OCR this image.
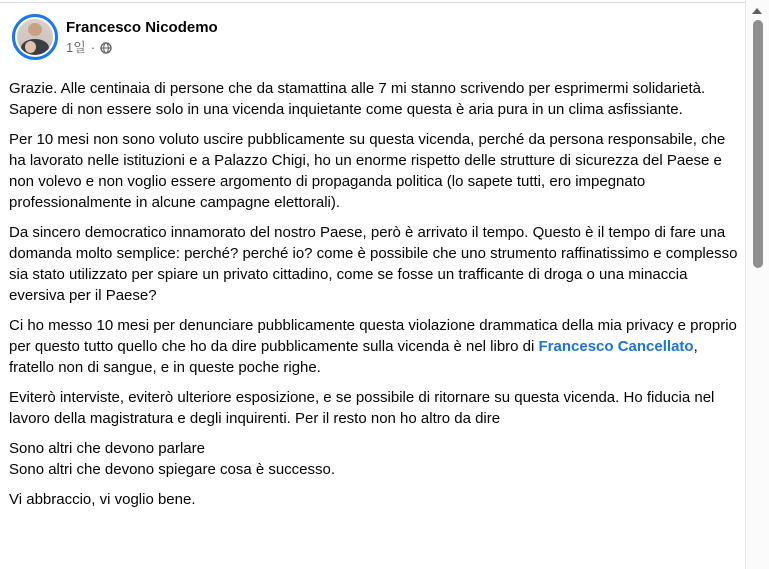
Francesco Nicodemo
1일 ·

Grazie. Alle centinaia di persone che da stamattina alle 7 mi stanno scrivendo per esprimermi solidarietà.
Sapere di non essere solo in una vicenda inquietante come questa è aria pura in un clima asfissiante.

Per 10 mesi non sono voluto uscire pubblicamente su questa vicenda, perché da persona responsabile, che ha lavorato nelle istituzioni e a Palazzo Chigi, ho un enorme rispetto delle strutture di sicurezza del Paese e non volevo e non voglio essere argomento di propaganda politica (lo sapete tutti, ero impegnato professionalmente in alcune campagne elettorali).

Da sincero democratico innamorato del nostro Paese, però è arrivato il tempo. Questo è il tempo di fare una domanda molto semplice: perché? perché io? come è possibile che uno strumento raffinatissimo e complesso sia stato utilizzato per spiare un privato cittadino, come se fosse un trafficante di droga o una minaccia eversiva per il Paese?

Ci ho messo 10 mesi per denunciare pubblicamente questa violazione drammatica della mia privacy e proprio per questo tutto quello che ho da dire pubblicamente sulla vicenda è nel libro di Francesco Cancellato, fratello non di sangue, e in queste poche righe.

Eviterò interviste, eviterò ulteriore esposizione, e se possibile di ritornare su questa vicenda. Ho fiducia nel lavoro della magistratura e degli inquirenti. Per il resto non ho altro da dire

Sono altri che devono parlare
Sono altri che devono spiegare cosa è successo.

Vi abbraccio, vi voglio bene.
